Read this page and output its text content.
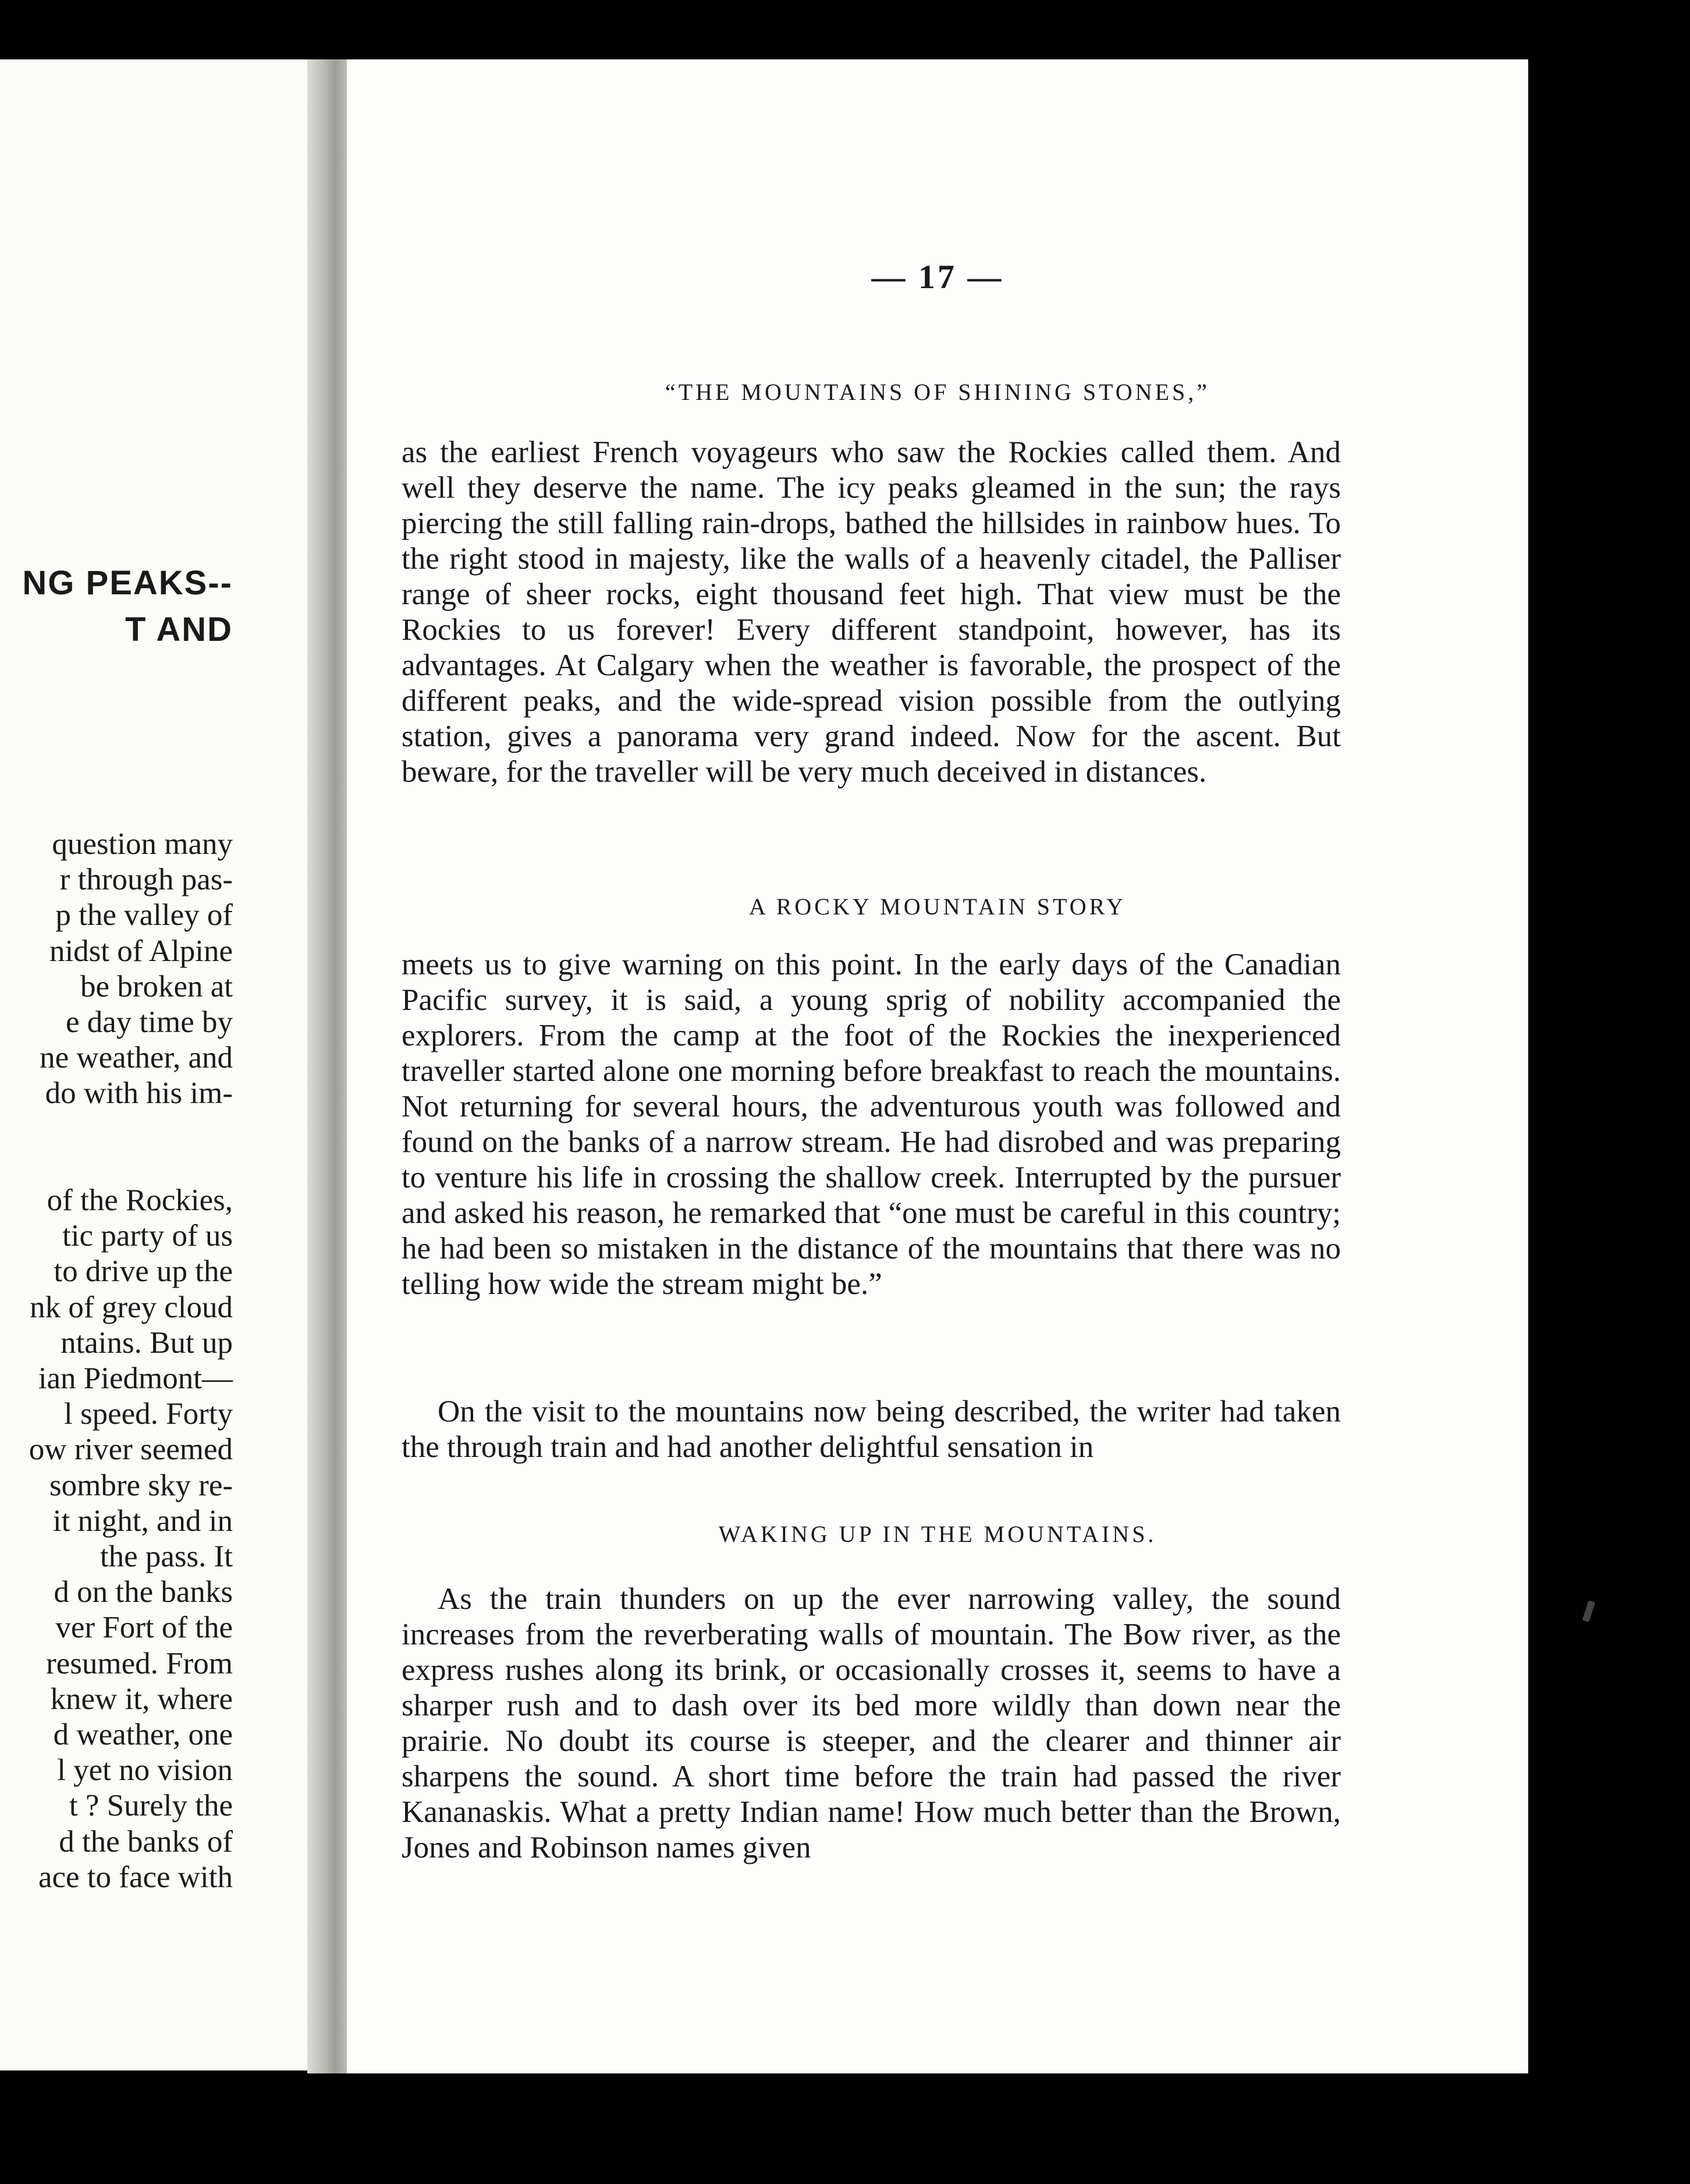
NG PEAKS--
T AND
question many
r through pas-
p the valley of
nidst of Alpine
be broken at
e day time by
ne weather, and
do with his im-
of the Rockies,
tic party of us
to drive up the
nk of grey cloud
ntains. But up
ian Piedmont—
l speed. Forty
ow river seemed
sombre sky re-
it night, and in
the pass. It
d on the banks
ver Fort of the
resumed. From
knew it, where
d weather, one
l yet no vision
t ? Surely the
d the banks of
ace to face with
— 17 —
“THE MOUNTAINS OF SHINING STONES,”

as the earliest French voyageurs who saw the Rockies called them. And well they deserve the name. The icy peaks gleamed in the sun; the rays piercing the still falling rain-drops, bathed the hillsides in rainbow hues. To the right stood in majesty, like the walls of a heavenly citadel, the Palliser range of sheer rocks, eight thousand feet high. That view must be the Rockies to us forever! Every different standpoint, however, has its advantages. At Calgary when the weather is favorable, the prospect of the different peaks, and the wide-spread vision possible from the outlying station, gives a panorama very grand indeed. Now for the ascent. But beware, for the traveller will be very much deceived in distances.

A ROCKY MOUNTAIN STORY

meets us to give warning on this point. In the early days of the Canadian Pacific survey, it is said, a young sprig of nobility accompanied the explorers. From the camp at the foot of the Rockies the inexperienced traveller started alone one morning before breakfast to reach the mountains. Not returning for several hours, the adventurous youth was followed and found on the banks of a narrow stream. He had disrobed and was preparing to venture his life in crossing the shallow creek. Interrupted by the pursuer and asked his reason, he remarked that “one must be careful in this country; he had been so mistaken in the distance of the mountains that there was no telling how wide the stream might be.”

On the visit to the mountains now being described, the writer had taken the through train and had another delightful sensation in

WAKING UP IN THE MOUNTAINS.

As the train thunders on up the ever narrowing valley, the sound increases from the reverberating walls of mountain. The Bow river, as the express rushes along its brink, or occasionally crosses it, seems to have a sharper rush and to dash over its bed more wildly than down near the prairie. No doubt its course is steeper, and the clearer and thinner air sharpens the sound. A short time before the train had passed the river Kananaskis. What a pretty Indian name! How much better than the Brown, Jones and Robinson names given
